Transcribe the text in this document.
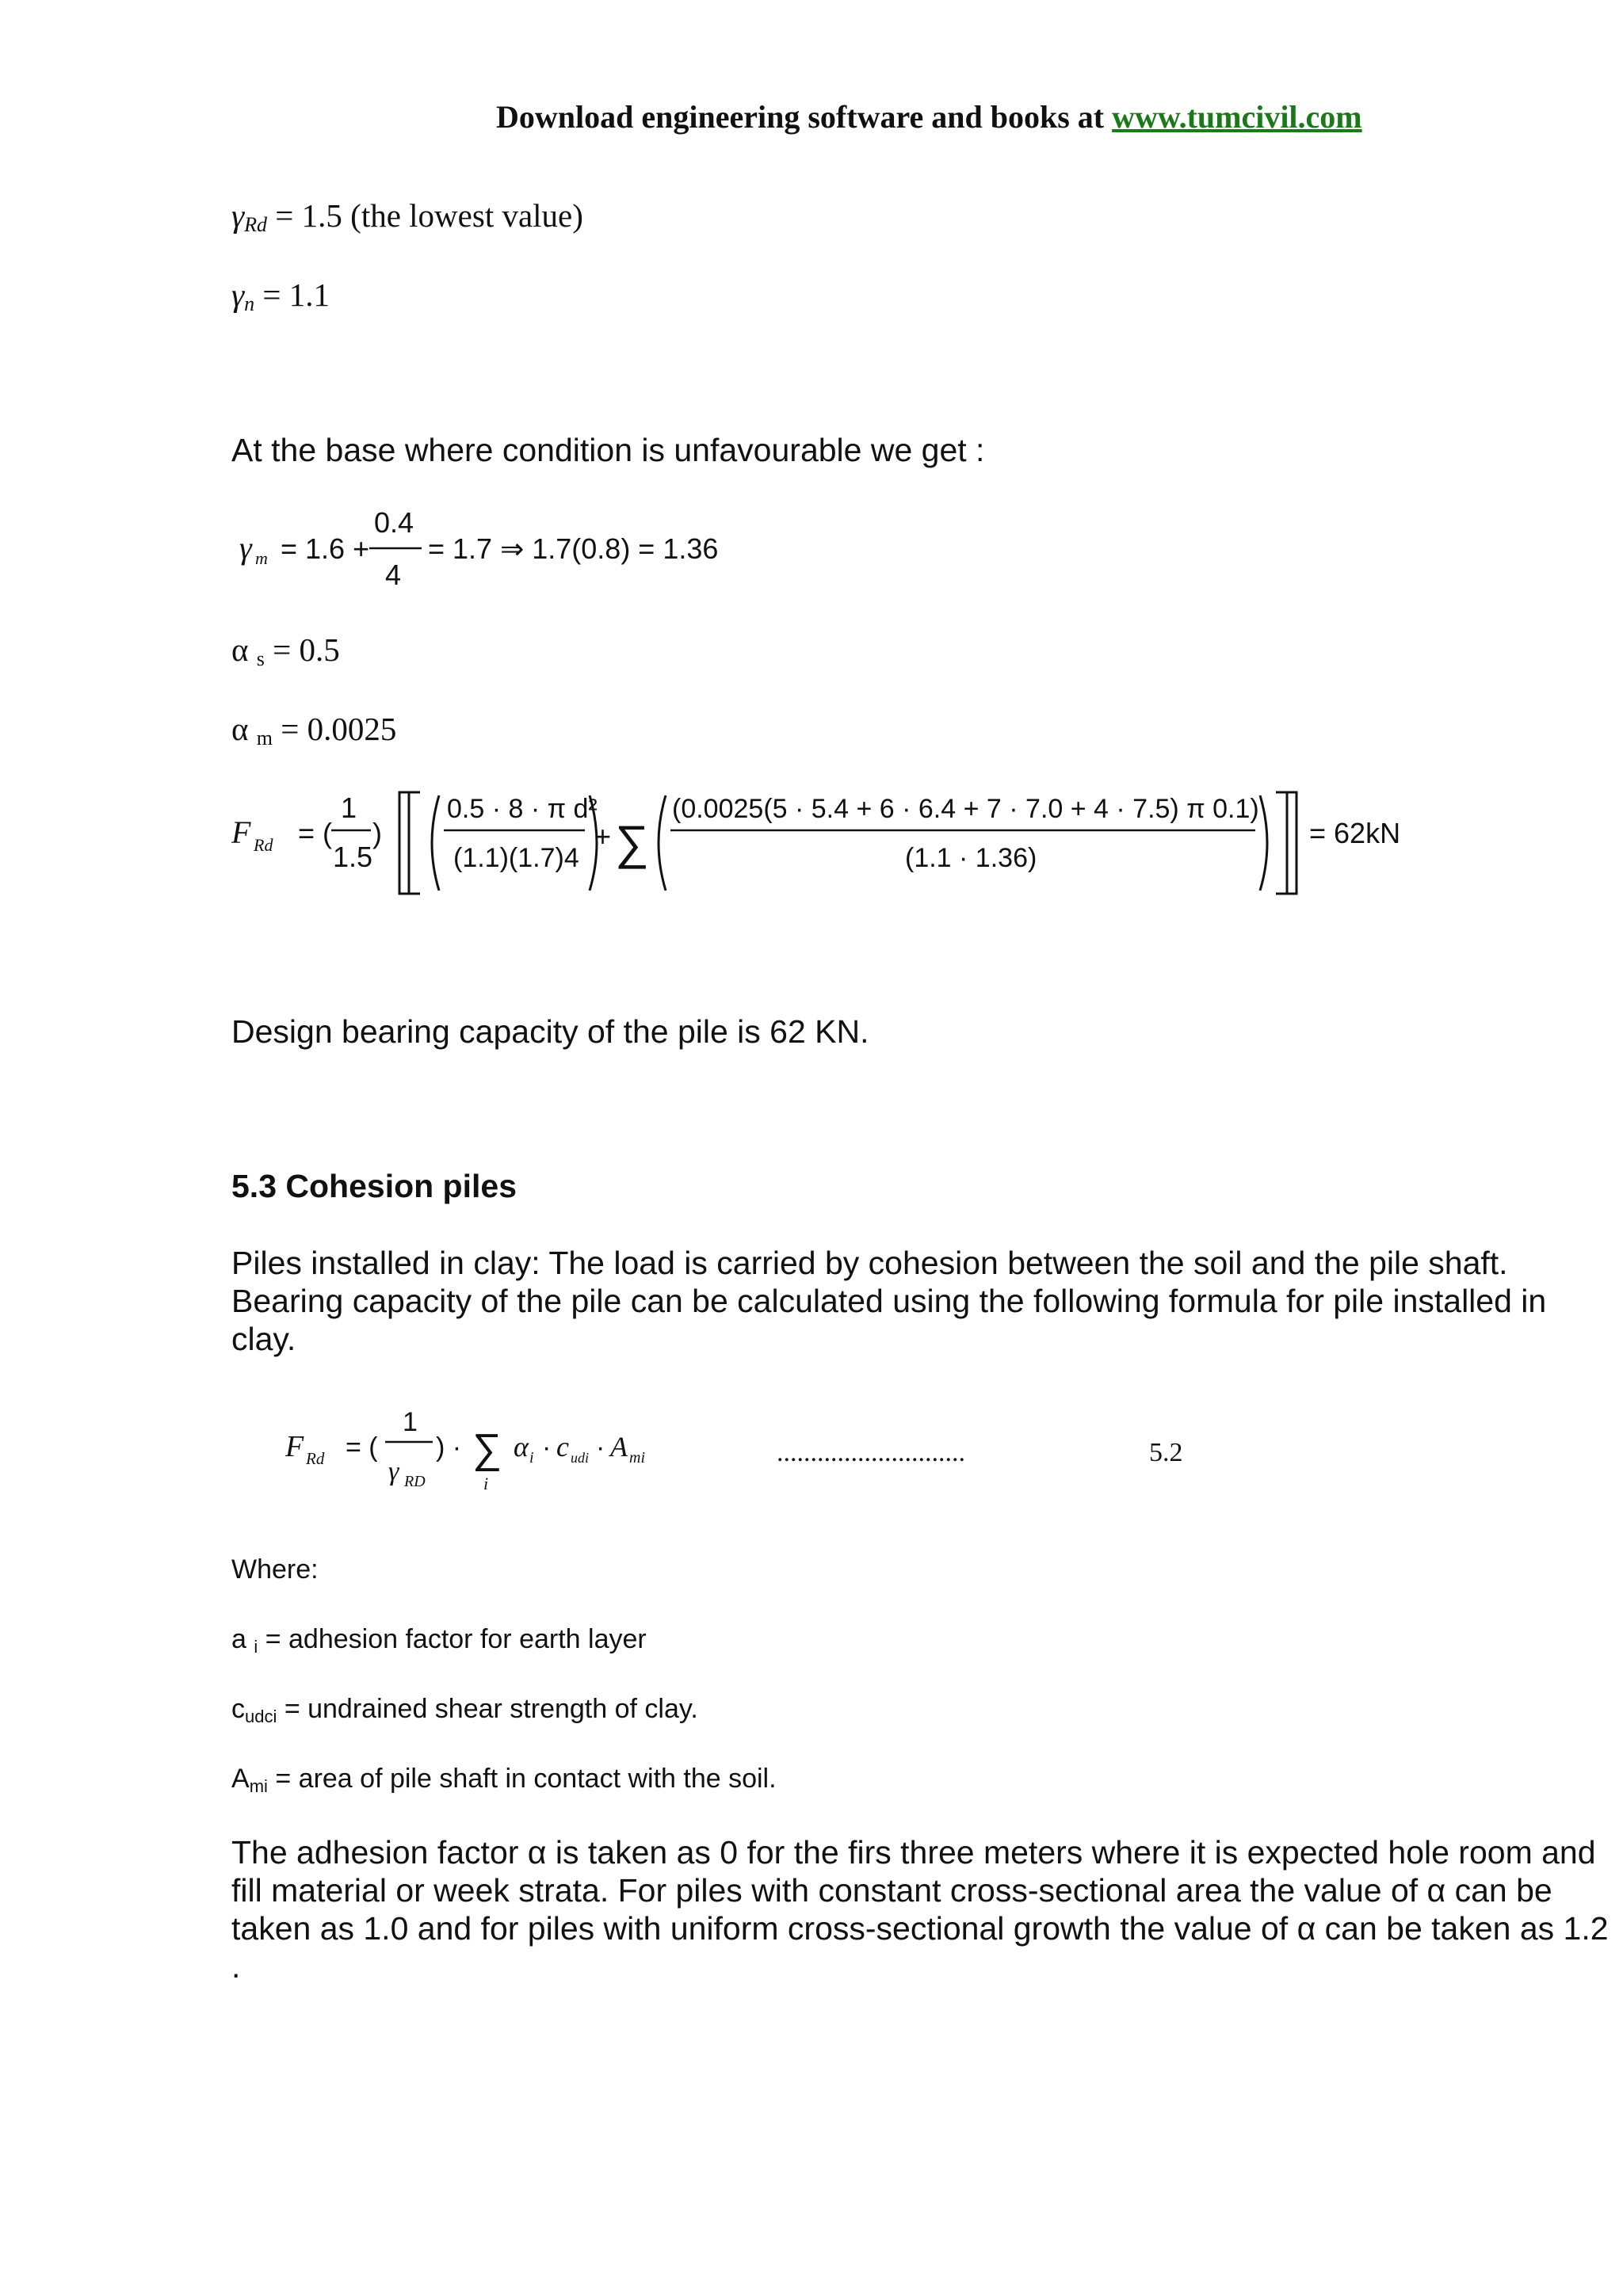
Download engineering software and books at www.tumcivil.com
$\gamma_{Rd} = 1.5$ (the lowest value)
$\gamma_n = 1.1$
At the base where condition is unfavourable we get :
γ m = 1.6 +
0.4
4
= 1.7 ⇒ 1.7(0.8) = 1.36
α $_s$ = 0.5
α $_m$ = 0.0025
F Rd = (
1
1.5
)
0.5 · 8 · π d²
(1.1)(1.7)4
+ ∑
(0.0025(5 · 5.4 + 6 · 6.4 + 7 · 7.0 + 4 · 7.5) π 0.1)
(1.1 · 1.36)
= 62kN
Design bearing capacity of the pile is 62 KN.
5.3 Cohesion piles
Piles installed in clay: The load is carried by cohesion between the soil and the pile shaft. Bearing capacity of the pile can be calculated using the following formula for pile installed in clay.
F Rd = (
1
γ RD
) · ∑
i
α i · c udi · A mi	............................	5.2
Where:
a i = adhesion factor for earth layer
cudci = undrained shear strength of clay.
Ami = area of pile shaft in contact with the soil.
The adhesion factor α is taken as 0 for the firs three meters where it is expected hole room and fill material or week strata. For piles with constant cross-sectional area the value of α can be taken as 1.0 and for piles with uniform cross-sectional growth the value of α can be taken as 1.2 .
